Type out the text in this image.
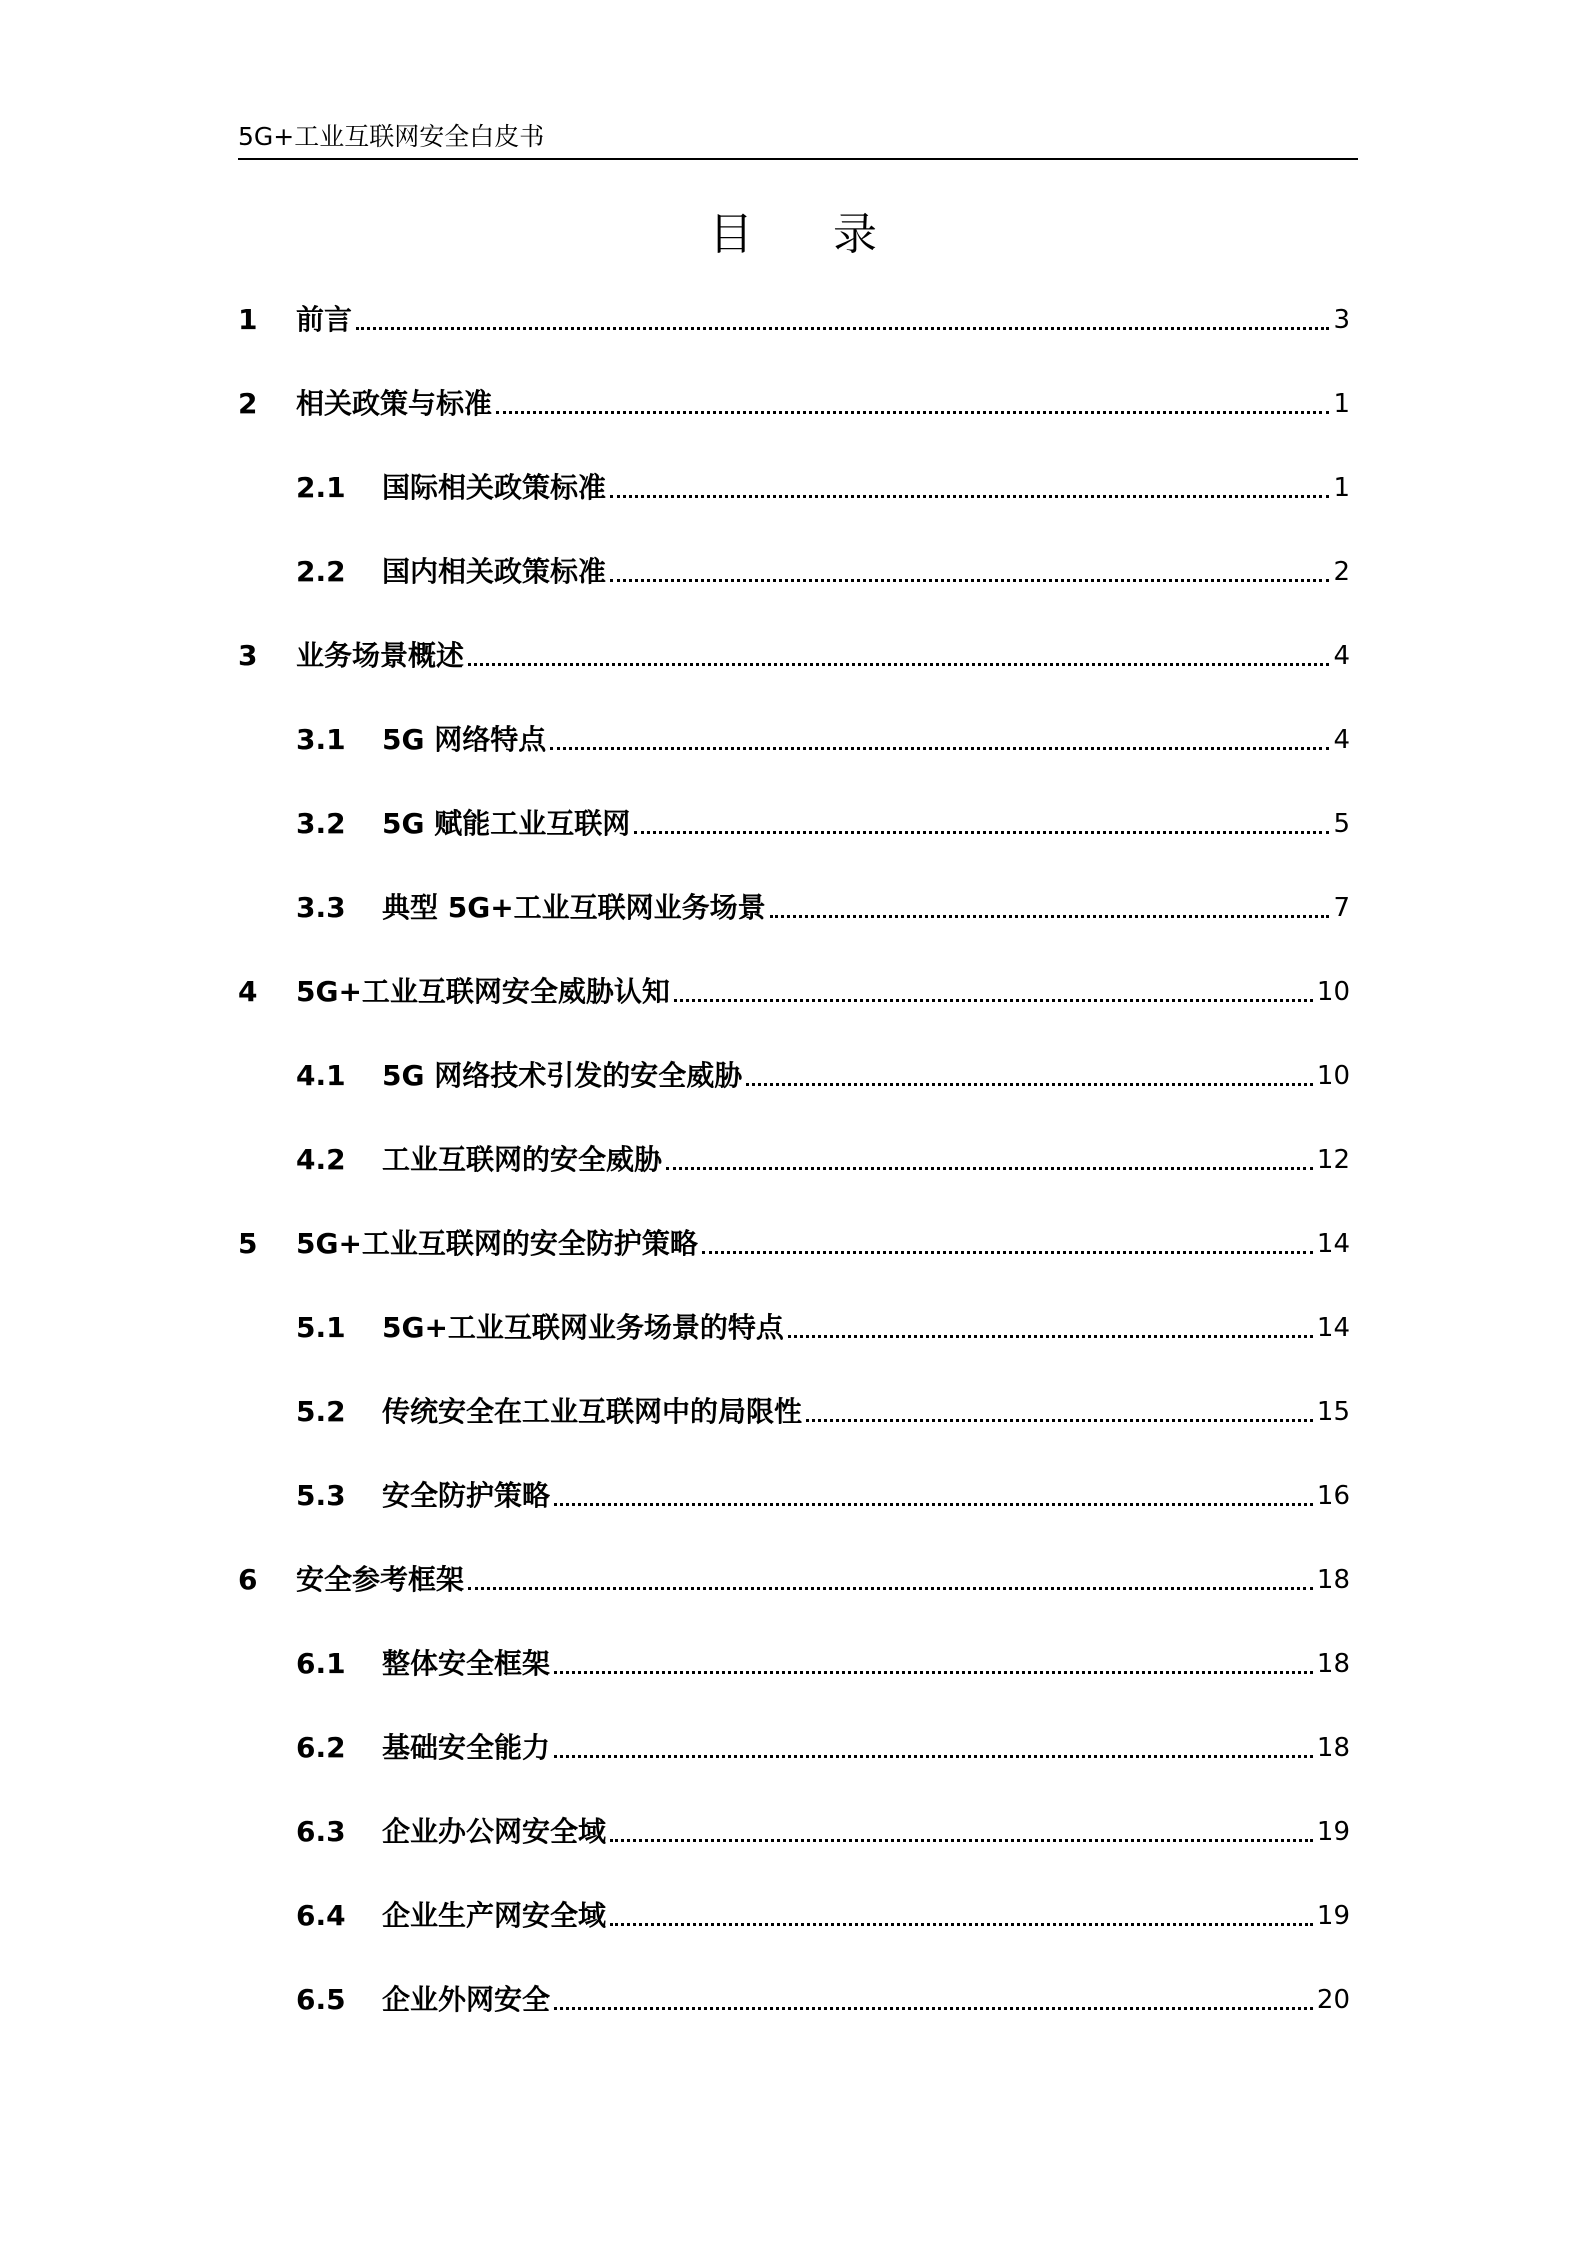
5G+工业互联网安全白皮书
目录
1	前言	3
2	相关政策与标准	1
2.1	国际相关政策标准	1
2.2	国内相关政策标准	2
3	业务场景概述	4
3.1	5G 网络特点	4
3.2	5G 赋能工业互联网	5
3.3	典型 5G+工业互联网业务场景	7
4	5G+工业互联网安全威胁认知	10
4.1	5G 网络技术引发的安全威胁	10
4.2	工业互联网的安全威胁	12
5	5G+工业互联网的安全防护策略	14
5.1	5G+工业互联网业务场景的特点	14
5.2	传统安全在工业互联网中的局限性	15
5.3	安全防护策略	16
6	安全参考框架	18
6.1	整体安全框架	18
6.2	基础安全能力	18
6.3	企业办公网安全域	19
6.4	企业生产网安全域	19
6.5	企业外网安全	20
